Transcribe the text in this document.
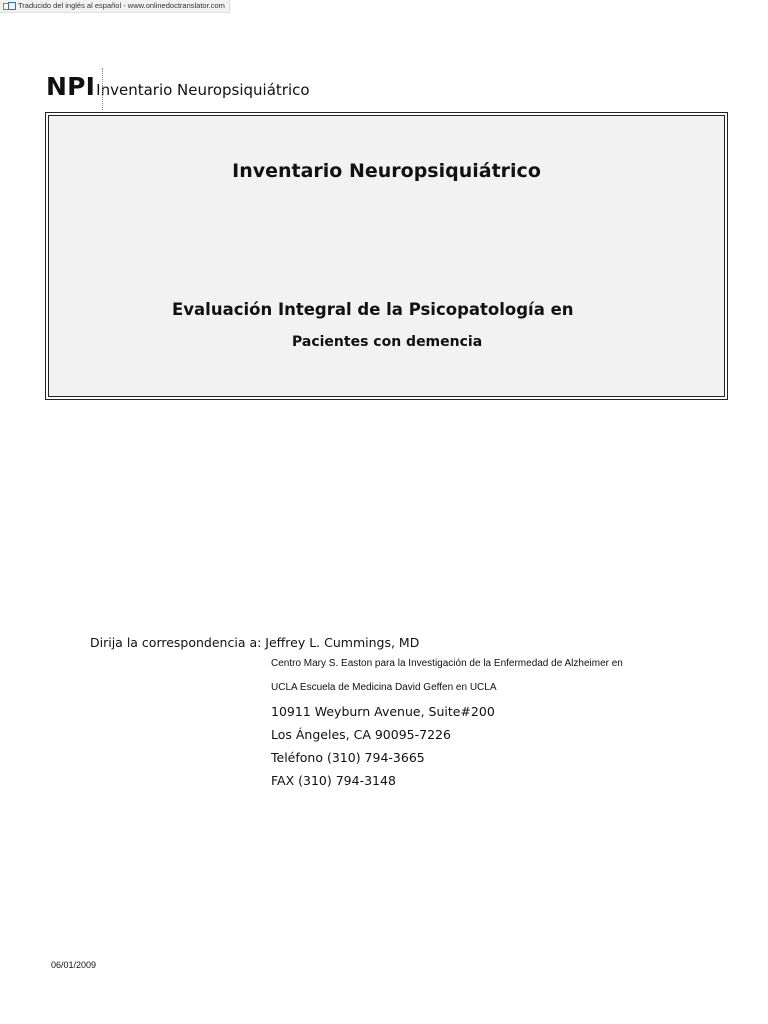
Traducido del inglés al español - www.onlinedoctranslator.com
NPI Inventario Neuropsiquiátrico
Inventario Neuropsiquiátrico
Evaluación Integral de la Psicopatología en
Pacientes con demencia
Dirija la correspondencia a: Jeffrey L. Cummings, MD
Centro Mary S. Easton para la Investigación de la Enfermedad de Alzheimer en
UCLA Escuela de Medicina David Geffen en UCLA
10911 Weyburn Avenue, Suite#200
Los Ángeles, CA 90095-7226
Teléfono (310) 794-3665
FAX (310) 794-3148
06/01/2009
